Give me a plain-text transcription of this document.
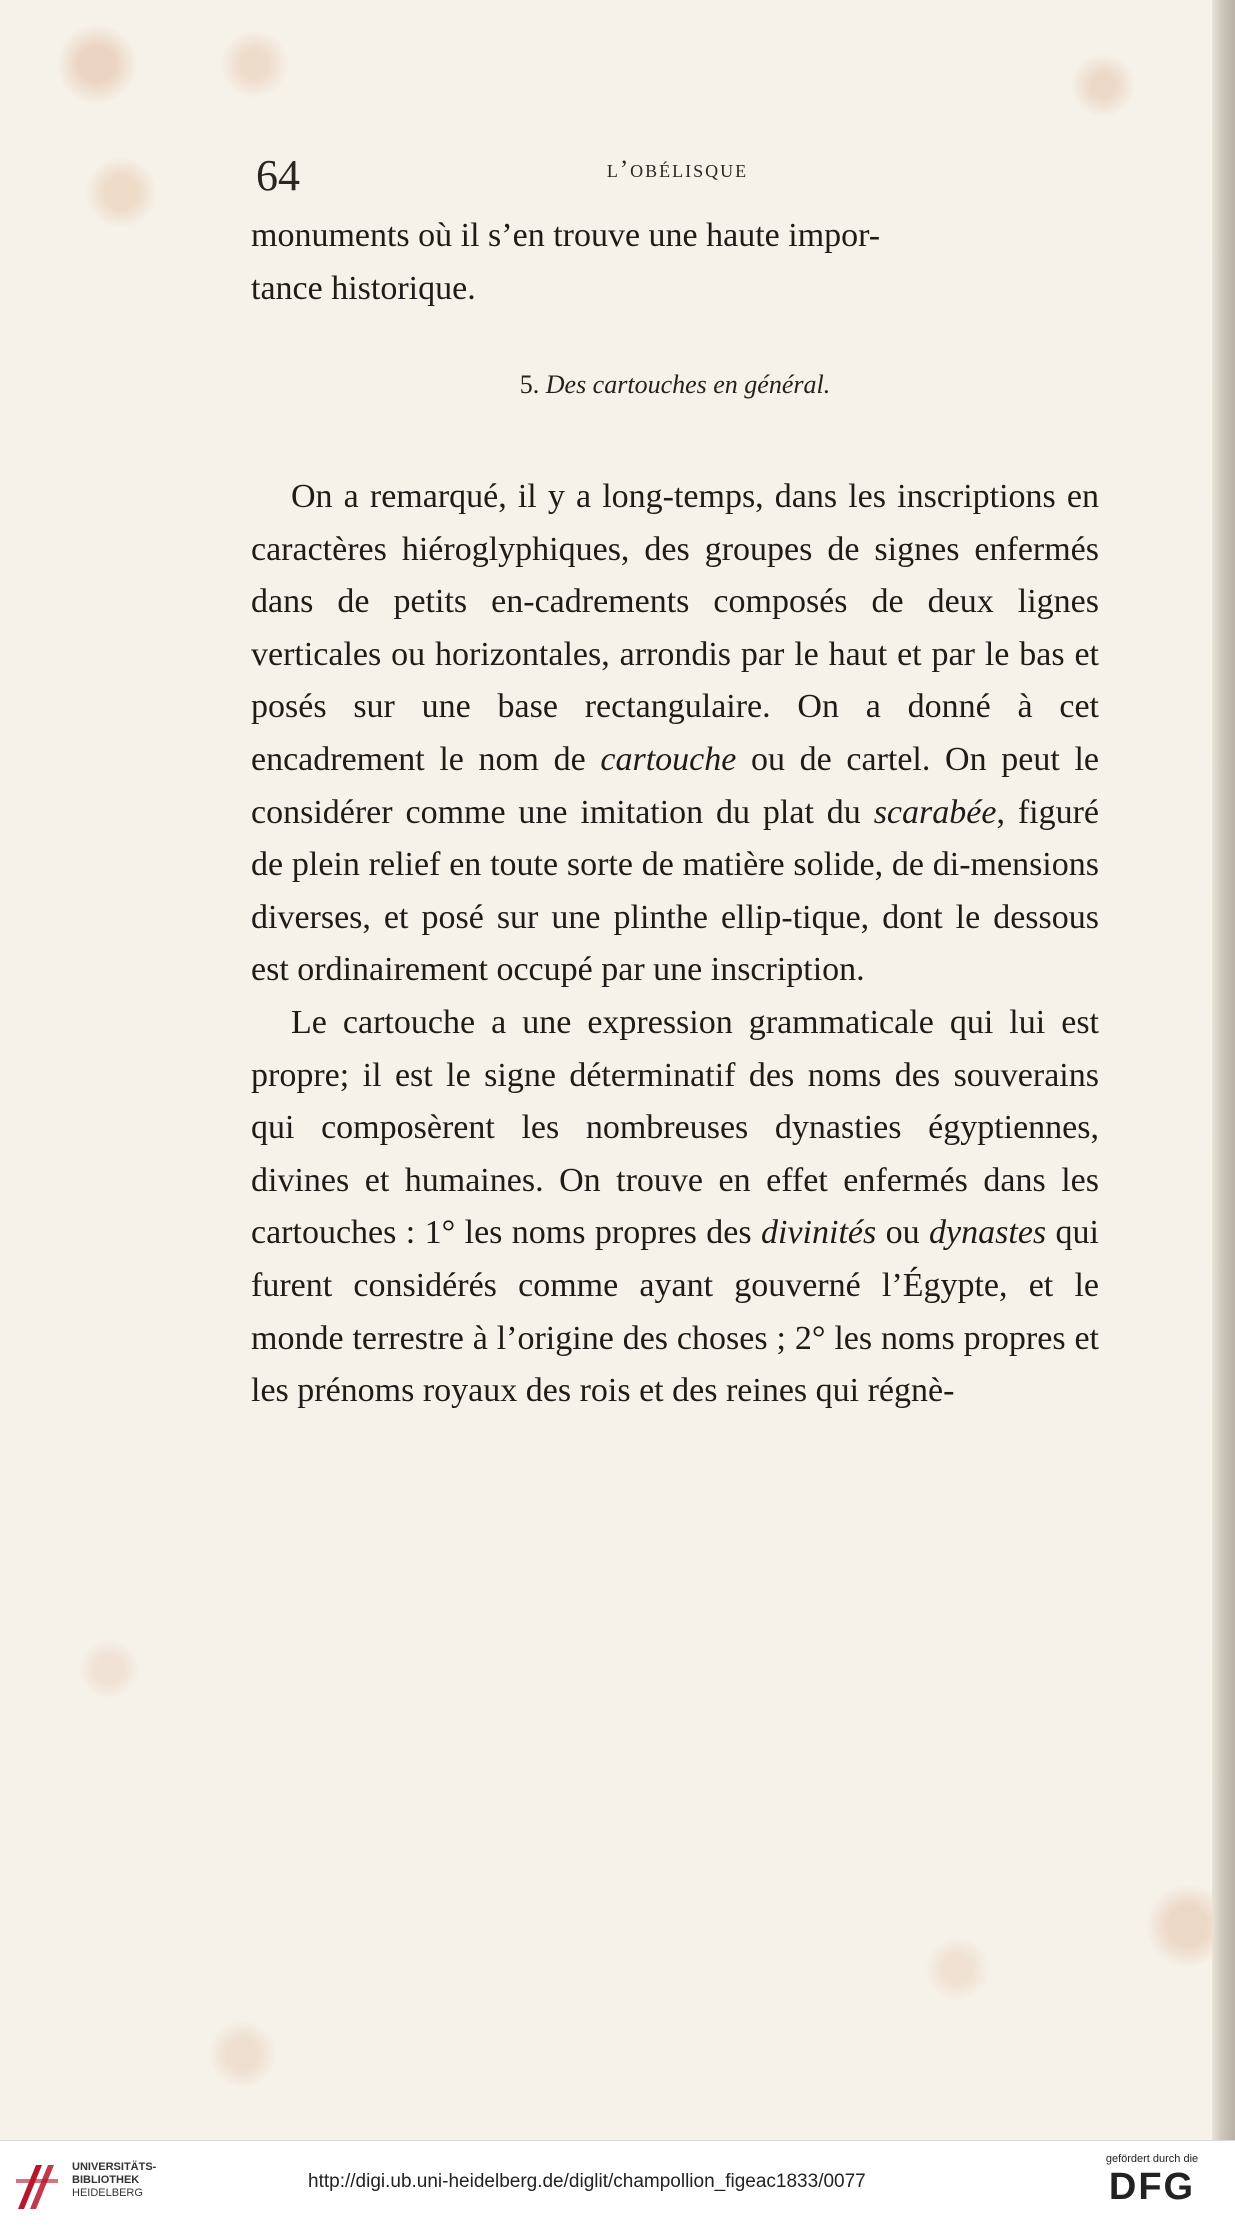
64	l’obélisque

monuments où il s’en trouve une haute impor-

tance historique.

5. Des cartouches en général.

On a remarqué, il y a long-temps, dans les inscriptions en caractères hiéroglyphiques, des groupes de signes enfermés dans de petits en-cadrements composés de deux lignes verticales ou horizontales, arrondis par le haut et par le bas et posés sur une base rectangulaire. On a donné à cet encadrement le nom de cartouche ou de cartel. On peut le considérer comme une imitation du plat du scarabée, figuré de plein relief en toute sorte de matière solide, de di-mensions diverses, et posé sur une plinthe ellip-tique, dont le dessous est ordinairement occupé par une inscription.

Le cartouche a une expression grammaticale qui lui est propre; il est le signe déterminatif des noms des souverains qui composèrent les nombreuses dynasties égyptiennes, divines et humaines. On trouve en effet enfermés dans les cartouches : 1° les noms propres des divinités ou dynastes qui furent considérés comme ayant gouverné l’Égypte, et le monde terrestre à l’origine des choses ; 2° les noms propres et les prénoms royaux des rois et des reines qui régnè-

UNIVERSITÄTS-
BIBLIOTHEK
HEIDELBERG
http://digi.ub.uni-heidelberg.de/diglit/champollion_figeac1833/0077
gefördert durch die
DFG
